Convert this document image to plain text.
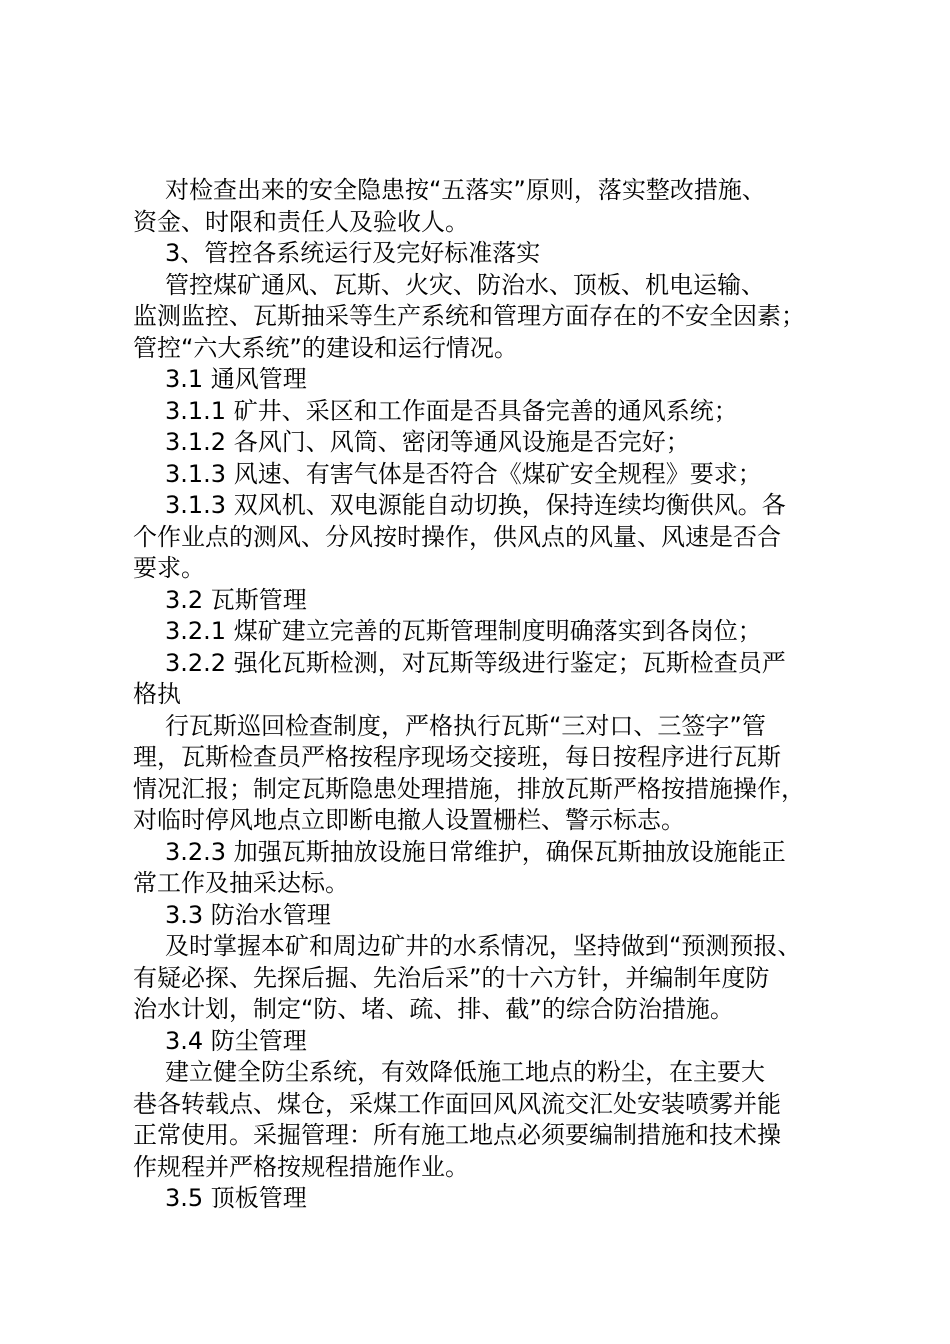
对检查出来的安全隐患按“五落实”原则，落实整改措施、

资金、时限和责任人及验收人。

3、管控各系统运行及完好标准落实

管控煤矿通风、瓦斯、火灾、防治水、顶板、机电运输、

监测监控、瓦斯抽采等生产系统和管理方面存在的不安全因素；

管控“六大系统”的建设和运行情况。

3.1 通风管理

3.1.1 矿井、采区和工作面是否具备完善的通风系统；

3.1.2 各风门、风筒、密闭等通风设施是否完好；

3.1.3 风速、有害气体是否符合《煤矿安全规程》要求；

3.1.3 双风机、双电源能自动切换，保持连续均衡供风。各

个作业点的测风、分风按时操作，供风点的风量、风速是否合

要求。

3.2 瓦斯管理

3.2.1 煤矿建立完善的瓦斯管理制度明确落实到各岗位；

3.2.2 强化瓦斯检测，对瓦斯等级进行鉴定；瓦斯检查员严

格执

行瓦斯巡回检查制度，严格执行瓦斯“三对口、三签字”管

理，瓦斯检查员严格按程序现场交接班，每日按程序进行瓦斯

情况汇报；制定瓦斯隐患处理措施，排放瓦斯严格按措施操作，

对临时停风地点立即断电撤人设置栅栏、警示标志。

3.2.3 加强瓦斯抽放设施日常维护，确保瓦斯抽放设施能正

常工作及抽采达标。

3.3 防治水管理

及时掌握本矿和周边矿井的水系情况，坚持做到“预测预报、

有疑必探、先探后掘、先治后采”的十六方针，并编制年度防

治水计划，制定“防、堵、疏、排、截”的综合防治措施。

3.4 防尘管理

建立健全防尘系统，有效降低施工地点的粉尘，在主要大

巷各转载点、煤仓，采煤工作面回风风流交汇处安装喷雾并能

正常使用。采掘管理：所有施工地点必须要编制措施和技术操

作规程并严格按规程措施作业。

3.5 顶板管理
